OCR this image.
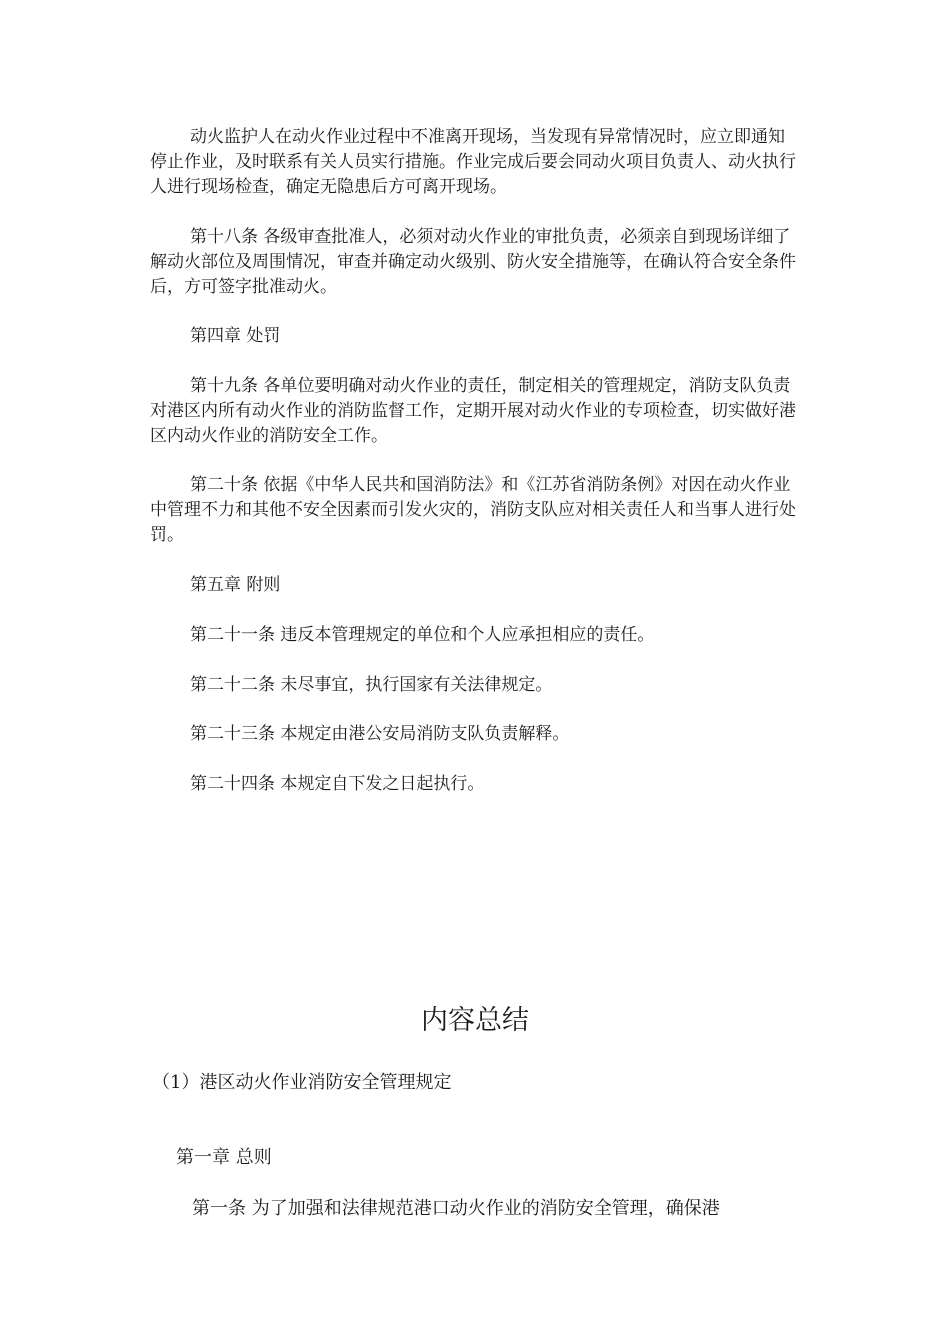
动火监护人在动火作业过程中不准离开现场，当发现有异常情况时，应立即通知停止作业，及时联系有关人员实行措施。作业完成后要会同动火项目负责人、动火执行人进行现场检查，确定无隐患后方可离开现场。

第十八条 各级审查批准人，必须对动火作业的审批负责，必须亲自到现场详细了解动火部位及周围情况，审查并确定动火级别、防火安全措施等，在确认符合安全条件后，方可签字批准动火。

第四章 处罚

第十九条 各单位要明确对动火作业的责任，制定相关的管理规定，消防支队负责对港区内所有动火作业的消防监督工作，定期开展对动火作业的专项检查，切实做好港区内动火作业的消防安全工作。

第二十条 依据《中华人民共和国消防法》和《江苏省消防条例》对因在动火作业中管理不力和其他不安全因素而引发火灾的，消防支队应对相关责任人和当事人进行处罚。

第五章 附则

第二十一条 违反本管理规定的单位和个人应承担相应的责任。

第二十二条 未尽事宜，执行国家有关法律规定。

第二十三条 本规定由港公安局消防支队负责解释。

第二十四条 本规定自下发之日起执行。

内容总结

（1）港区动火作业消防安全管理规定

第一章 总则

第一条 为了加强和法律规范港口动火作业的消防安全管理，确保港
